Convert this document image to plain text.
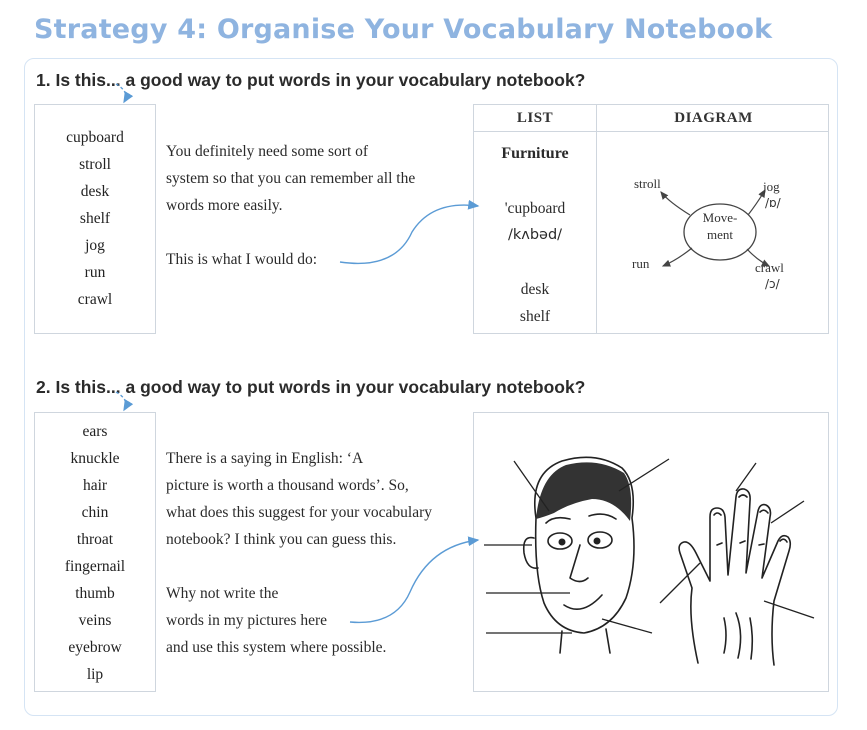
Strategy 4: Organise Your Vocabulary Notebook

1. Is this... a good way to put words in your vocabulary notebook?

cupboard
stroll
desk
shelf
jog
run
crawl
You definitely need some sort of
system so that you can remember all the
words more easily.
This is what I would do:
LIST	DIAGRAM
Furniture
'cupboard
/kʌbəd/
desk
shelf
Move-
ment
stroll	jog
/ɒ/
run	crawl
/ɔ/

2. Is this... a good way to put words in your vocabulary notebook?

ears
knuckle
hair
chin
throat
fingernail
thumb
veins
eyebrow
lip
There is a saying in English: ‘A
picture is worth a thousand words’. So,
what does this suggest for your vocabulary
notebook? I think you can guess this.
Why not write the
words in my pictures here
and use this system where possible.
